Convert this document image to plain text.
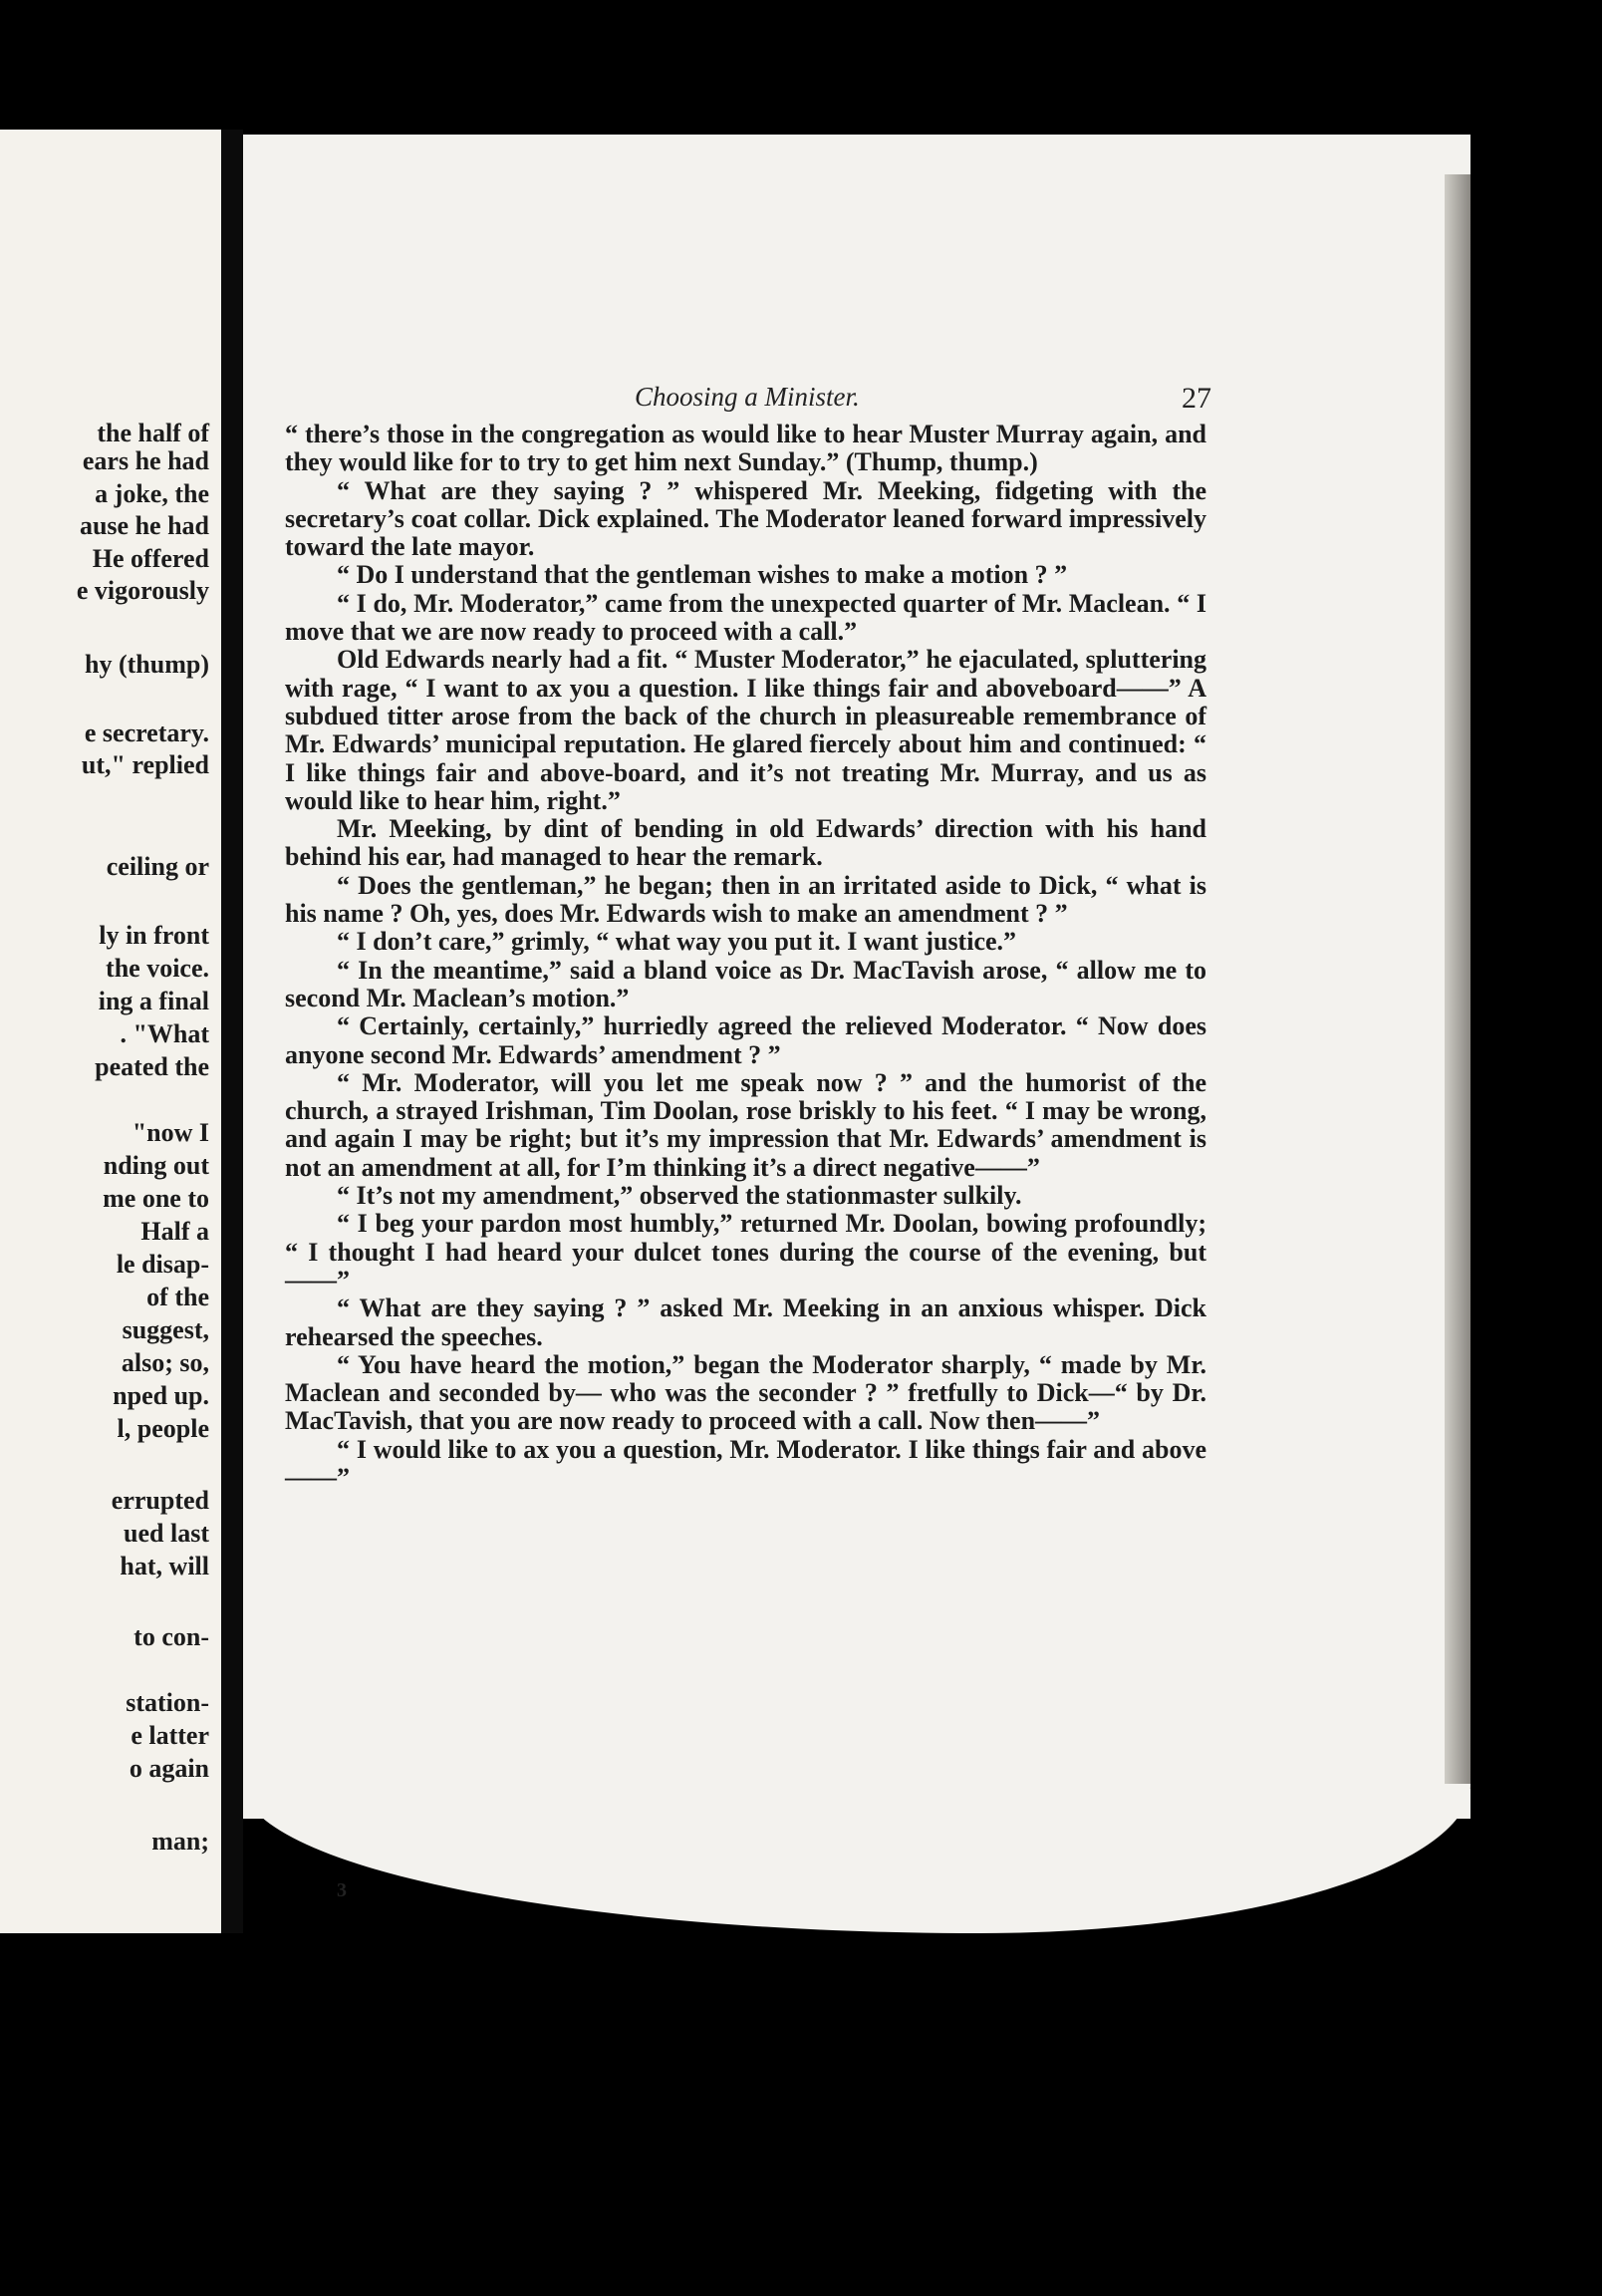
the half of
ears he had
a joke, the
ause he had
He offered
e vigorously
hy (thump)
e secretary.
ut," replied
ceiling or
ly in front
the voice.
ing a final
. "What
peated the
"now I
nding out
me one to
Half a
le disap-
of the
suggest,
also; so,
nped up.
l, people
errupted
ued last
hat, will
to con-
station-
e latter
o again
man;
Choosing a Minister.	27

“ there’s those in the congregation as would like to hear Muster Murray again, and they would like for to try to get him next Sunday.” (Thump, thump.)

“ What are they saying ? ” whispered Mr. Meeking, fidgeting with the secretary’s coat collar. Dick explained. The Moderator leaned forward impressively toward the late mayor.

“ Do I understand that the gentleman wishes to make a motion ? ”

“ I do, Mr. Moderator,” came from the unexpected quarter of Mr. Maclean. “ I move that we are now ready to proceed with a call.”

Old Edwards nearly had a fit. “ Muster Moderator,” he ejaculated, spluttering with rage, “ I want to ax you a question. I like things fair and aboveboard——” A subdued titter arose from the back of the church in pleasureable remembrance of Mr. Edwards’ municipal reputation. He glared fiercely about him and continued: “ I like things fair and above-board, and it’s not treating Mr. Murray, and us as would like to hear him, right.”

Mr. Meeking, by dint of bending in old Edwards’ direction with his hand behind his ear, had managed to hear the remark.

“ Does the gentleman,” he began; then in an irritated aside to Dick, “ what is his name ? Oh, yes, does Mr. Edwards wish to make an amendment ? ”

“ I don’t care,” grimly, “ what way you put it. I want justice.”

“ In the meantime,” said a bland voice as Dr. MacTavish arose, “ allow me to second Mr. Maclean’s motion.”

“ Certainly, certainly,” hurriedly agreed the relieved Moderator. “ Now does anyone second Mr. Edwards’ amendment ? ”

“ Mr. Moderator, will you let me speak now ? ” and the humorist of the church, a strayed Irishman, Tim Doolan, rose briskly to his feet. “ I may be wrong, and again I may be right; but it’s my impression that Mr. Edwards’ amendment is not an amendment at all, for I’m thinking it’s a direct negative——”

“ It’s not my amendment,” observed the stationmaster sulkily.

“ I beg your pardon most humbly,” returned Mr. Doolan, bowing profoundly; “ I thought I had heard your dulcet tones during the course of the evening, but——”

“ What are they saying ? ” asked Mr. Meeking in an anxious whisper. Dick rehearsed the speeches.

“ You have heard the motion,” began the Moderator sharply, “ made by Mr. Maclean and seconded by— who was the seconder ? ” fretfully to Dick—“ by Dr. MacTavish, that you are now ready to proceed with a call. Now then——”

“ I would like to ax you a question, Mr. Moderator. I like things fair and above——”

3
